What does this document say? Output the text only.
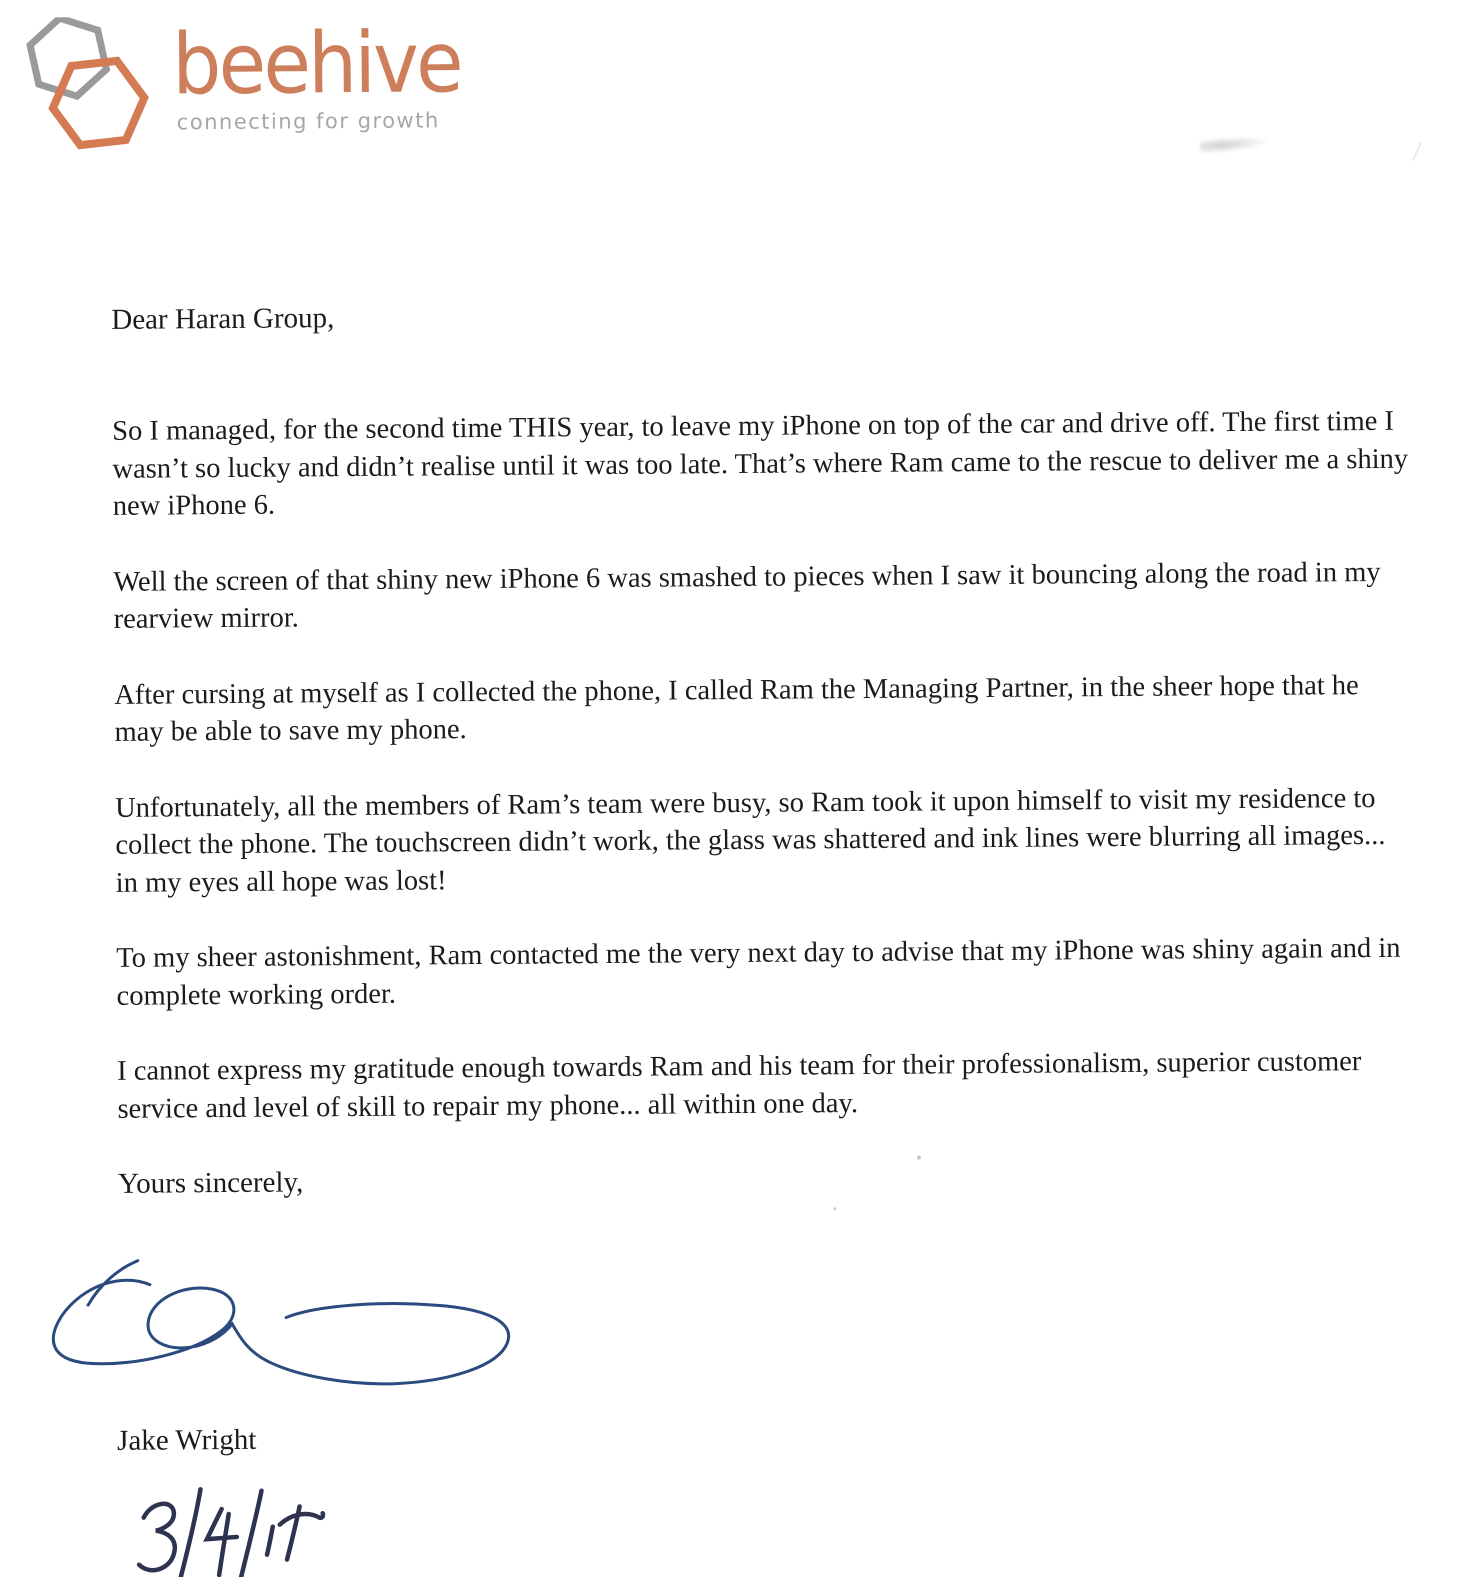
beehive
connecting for growth
Dear Haran Group,

So I managed, for the second time THIS year, to leave my iPhone on top of the car and drive off. The first time I wasn’t so lucky and didn’t realise until it was too late. That’s where Ram came to the rescue to deliver me a shiny new iPhone 6.

Well the screen of that shiny new iPhone 6 was smashed to pieces when I saw it bouncing along the road in my rearview mirror.

After cursing at myself as I collected the phone, I called Ram the Managing Partner, in the sheer hope that he may be able to save my phone.

Unfortunately, all the members of Ram’s team were busy, so Ram took it upon himself to visit my residence to collect the phone. The touchscreen didn’t work, the glass was shattered and ink lines were blurring all images... in my eyes all hope was lost!

To my sheer astonishment, Ram contacted me the very next day to advise that my iPhone was shiny again and in complete working order.

I cannot express my gratitude enough towards Ram and his team for their professionalism, superior customer service and level of skill to repair my phone... all within one day.

Yours sincerely,
Jake Wright
